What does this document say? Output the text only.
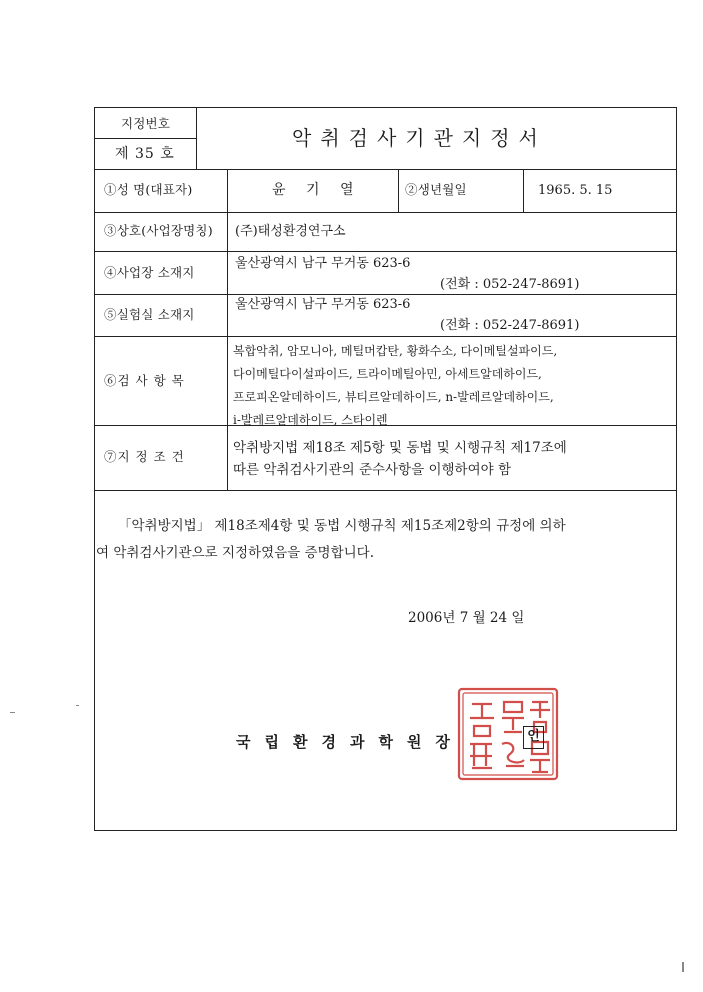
지정번호
제 35 호
악취검사기관지정서
①성 명(대표자)	윤 기 열	②생년월일	1965. 5. 15
③상호(사업장명칭) (주)태성환경연구소
④사업장 소재지
울산광역시 남구 무거동 623-6
(전화 : 052-247-8691)
⑤실험실 소재지
울산광역시 남구 무거동 623-6
(전화 : 052-247-8691)
⑥검 사 항 목
복합악취, 암모니아, 메틸머캅탄, 황화수소, 다이메틸설파이드,
다이메틸다이설파이드, 트라이메틸아민, 아세트알데하이드,
프로피온알데하이드, 뷰티르알데하이드, n-발레르알데하이드,
i-발레르알데하이드, 스타이렌
⑦지 정 조 건
악취방지법 제18조 제5항 및 동법 및 시행규칙 제17조에
따른 악취검사기관의 준수사항을 이행하여야 함
「악취방지법」 제18조제4항 및 동법 시행규칙 제15조제2항의 규정에 의하
여 악취검사기관으로 지정하였음을 증명합니다.
2006년 7 월 24 일
국립환경과학원장	인
